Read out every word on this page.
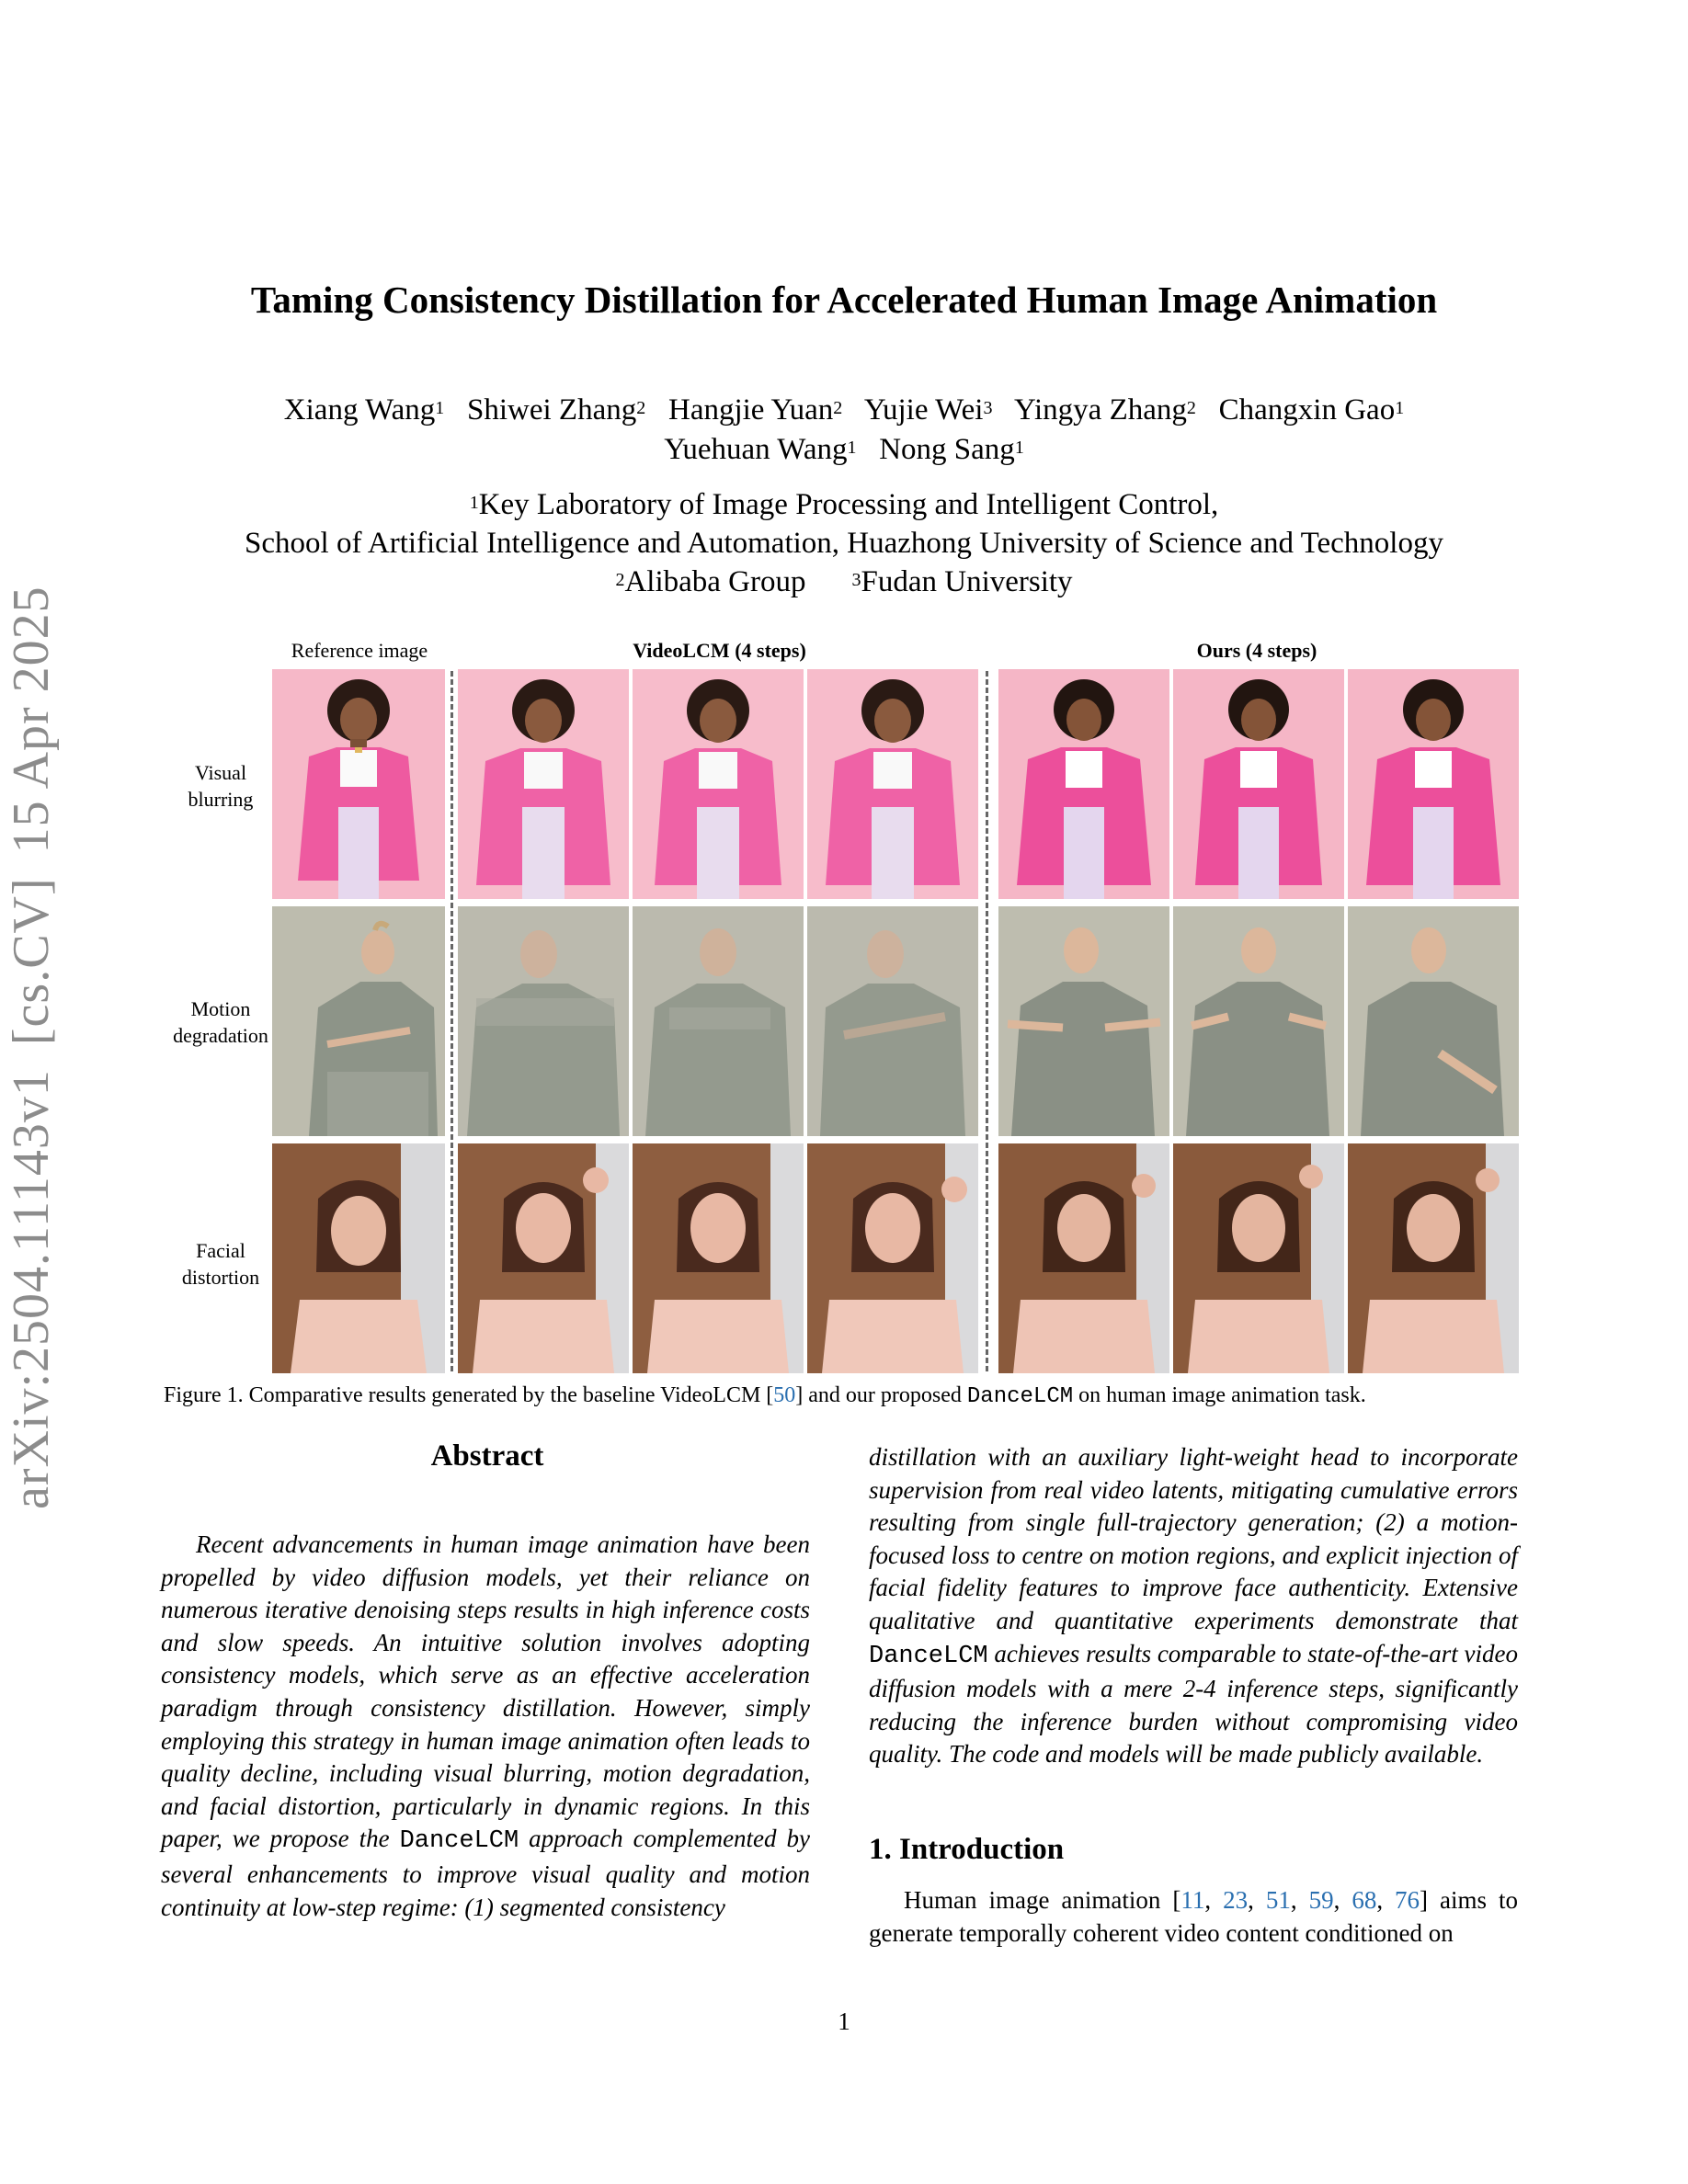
Taming Consistency Distillation for Accelerated Human Image Animation
Xiang Wang$^1$ Shiwei Zhang$^2$ Hangjie Yuan$^2$ Yujie Wei$^3$ Yingya Zhang$^2$ Changxin Gao$^1$
Yuehuan Wang$^1$ Nong Sang$^1$
$^1$Key Laboratory of Image Processing and Intelligent Control,
School of Artificial Intelligence and Automation, Huazhong University of Science and Technology
$^2$Alibaba Group	$^3$Fudan University
arXiv:2504.11143v1[cs.CV]15 Apr 2025	Reference image	VideoLCM (4 steps)	Ours (4 steps)
Visual
blurring
Motion
degradation
Facial
distortion
Figure 1. Comparative results generated by the baseline VideoLCM [50] and our proposed DanceLCM on human image animation task.
Abstract
Recent advancements in human image animation have been propelled by video diffusion models, yet their reliance on numerous iterative denoising steps results in high inference costs and slow speeds. An intuitive solution involves adopting consistency models, which serve as an effective acceleration paradigm through consistency distillation. However, simply employing this strategy in human image animation often leads to quality decline, including visual blurring, motion degradation, and facial distortion, particularly in dynamic regions. In this paper, we propose the DanceLCM approach complemented by several enhancements to improve visual quality and motion continuity at low-step regime: (1) segmented consistency
distillation with an auxiliary light-weight head to incorporate supervision from real video latents, mitigating cumulative errors resulting from single full-trajectory generation; (2) a motion-focused loss to centre on motion regions, and explicit injection of facial fidelity features to improve face authenticity. Extensive qualitative and quantitative experiments demonstrate that DanceLCM achieves results comparable to state-of-the-art video diffusion models with a mere 2-4 inference steps, significantly reducing the inference burden without compromising video quality. The code and models will be made publicly available.
1. Introduction
Human image animation [11, 23, 51, 59, 68, 76] aims to generate temporally coherent video content conditioned on
1
